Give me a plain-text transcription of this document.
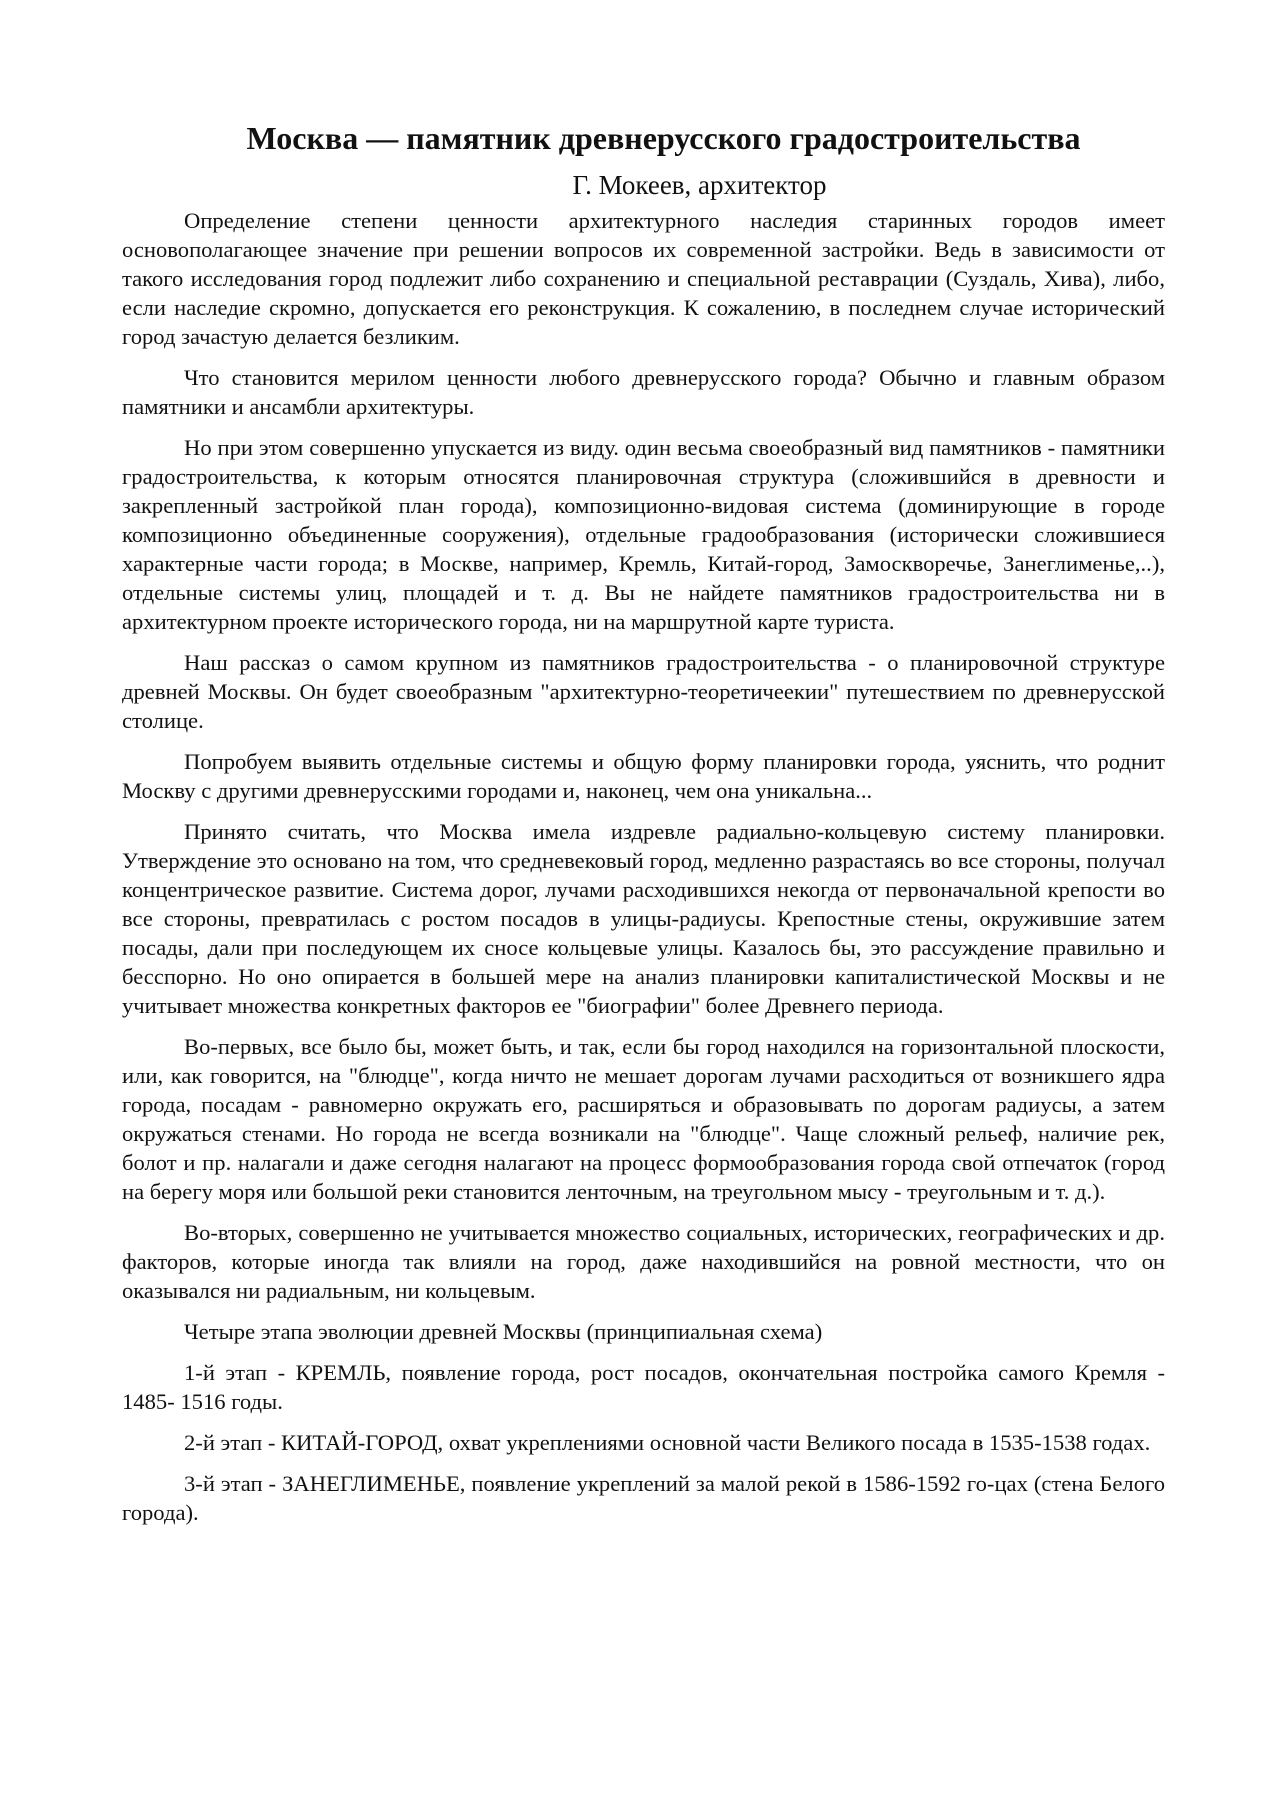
Москва — памятник древнерусского градостроительства
Г. Мокеев, архитектор

Определение степени ценности архитектурного наследия старинных городов имеет основополагающее значение при решении вопросов их современной застройки. Ведь в зависимости от такого исследования город подлежит либо сохранению и специальной реставрации (Суздаль, Хива), либо, если наследие скромно, допускается его реконструкция. К сожалению, в последнем случае исторический город зачастую делается безликим.

Что становится мерилом ценности любого древнерусского города? Обычно и главным образом памятники и ансамбли архитектуры.

Но при этом совершенно упускается из виду. один весьма своеобразный вид памятников - памятники градостроительства, к которым относятся планировочная структура (сложившийся в древности и закрепленный застройкой план города), композиционно-видовая система (доминирующие в городе композиционно объединенные сооружения), отдельные градообразования (исторически сложившиеся характерные части города; в Москве, например, Кремль, Китай-город, Замоскворечье, Занеглименье,..), отдельные системы улиц, площадей и т. д. Вы не найдете памятников градостроительства ни в архитектурном проекте исторического города, ни на маршрутной карте туриста.

Наш рассказ о самом крупном из памятников градостроительства - о планировочной структуре древней Москвы. Он будет своеобразным "архитектурно-теоретичеекии" путешествием по древнерусской столице.

Попробуем выявить отдельные системы и общую форму планировки города, уяснить, что роднит Москву с другими древнерусскими городами и, наконец, чем она уникальна...

Принято считать, что Москва имела издревле радиально-кольцевую систему планировки. Утверждение это основано на том, что средневековый город, медленно разрастаясь во все стороны, получал концентрическое развитие. Система дорог, лучами расходившихся некогда от первоначальной крепости во все стороны, превратилась с ростом посадов в улицы-радиусы. Крепостные стены, окружившие затем посады, дали при последующем их сносе кольцевые улицы. Казалось бы, это рассуждение правильно и бесспорно. Но оно опирается в большей мере на анализ планировки капиталистической Москвы и не учитывает множества конкретных факторов ее "биографии" более Древнего периода.

Во-первых, все было бы, может быть, и так, если бы город находился на горизонтальной плоскости, или, как говорится, на "блюдце", когда ничто не мешает дорогам лучами расходиться от возникшего ядра города, посадам - равномерно окружать его, расширяться и образовывать по дорогам радиусы, а затем окружаться стенами. Но города не всегда возникали на "блюдце". Чаще сложный рельеф, наличие рек, болот и пр. налагали и даже сегодня налагают на процесс формообразования города свой отпечаток (город на берегу моря или большой реки становится ленточным, на треугольном мысу - треугольным и т. д.).

Во-вторых, совершенно не учитывается множество социальных, исторических, географических и др. факторов, которые иногда так влияли на город, даже находившийся на ровной местности, что он оказывался ни радиальным, ни кольцевым.

Четыре этапа эволюции древней Москвы (принципиальная схема)

1-й этап - КРЕМЛЬ, появление города, рост посадов, окончательная постройка самого Кремля - 1485- 1516 годы.

2-й этап - КИТАЙ-ГОРОД, охват укреплениями основной части Великого посада в 1535-1538 годах.

3-й этап - ЗАНЕГЛИМЕНЬЕ, появление укреплений за малой рекой в 1586-1592 го-цах (стена Белого города).
